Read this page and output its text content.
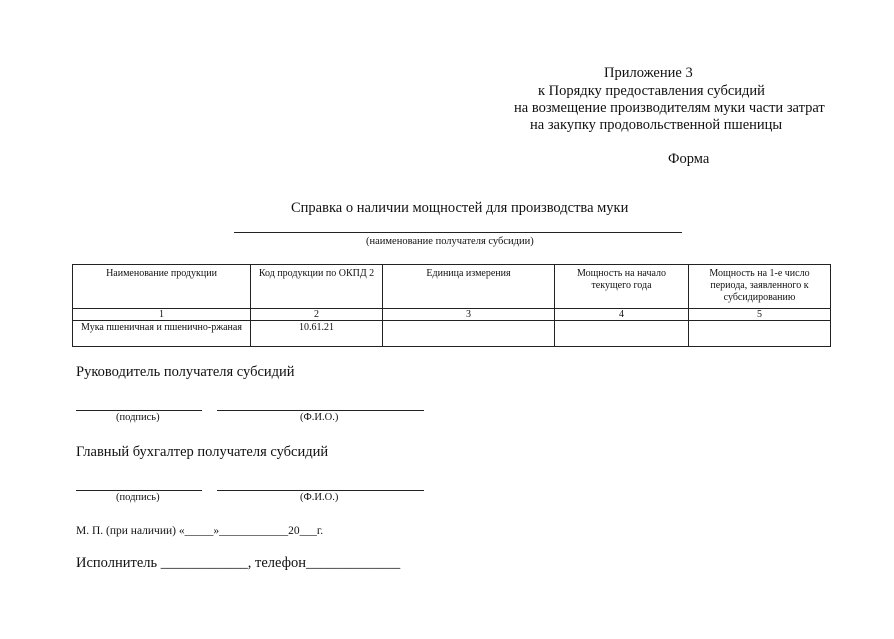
Приложение 3
к Порядку предоставления субсидий
на возмещение производителям муки части затрат
на закупку продовольственной пшеницы
Форма
Справка о наличии мощностей для производства муки
(наименование получателя субсидии)
Наименование продукции	Код продукции по ОКПД 2	Единица измерения	Мощность на начало текущего года	Мощность на 1-е число периода, заявленного к субсидированию
1	2	3	4	5
Мука пшеничная и пшенично-ржаная	10.61.21			
Руководитель получателя субсидий
(подпись)	(Ф.И.О.)
Главный бухгалтер получателя субсидий
(подпись)	(Ф.И.О.)
М. П. (при наличии) «_____»____________20___г.
Исполнитель ____________, телефон_____________
